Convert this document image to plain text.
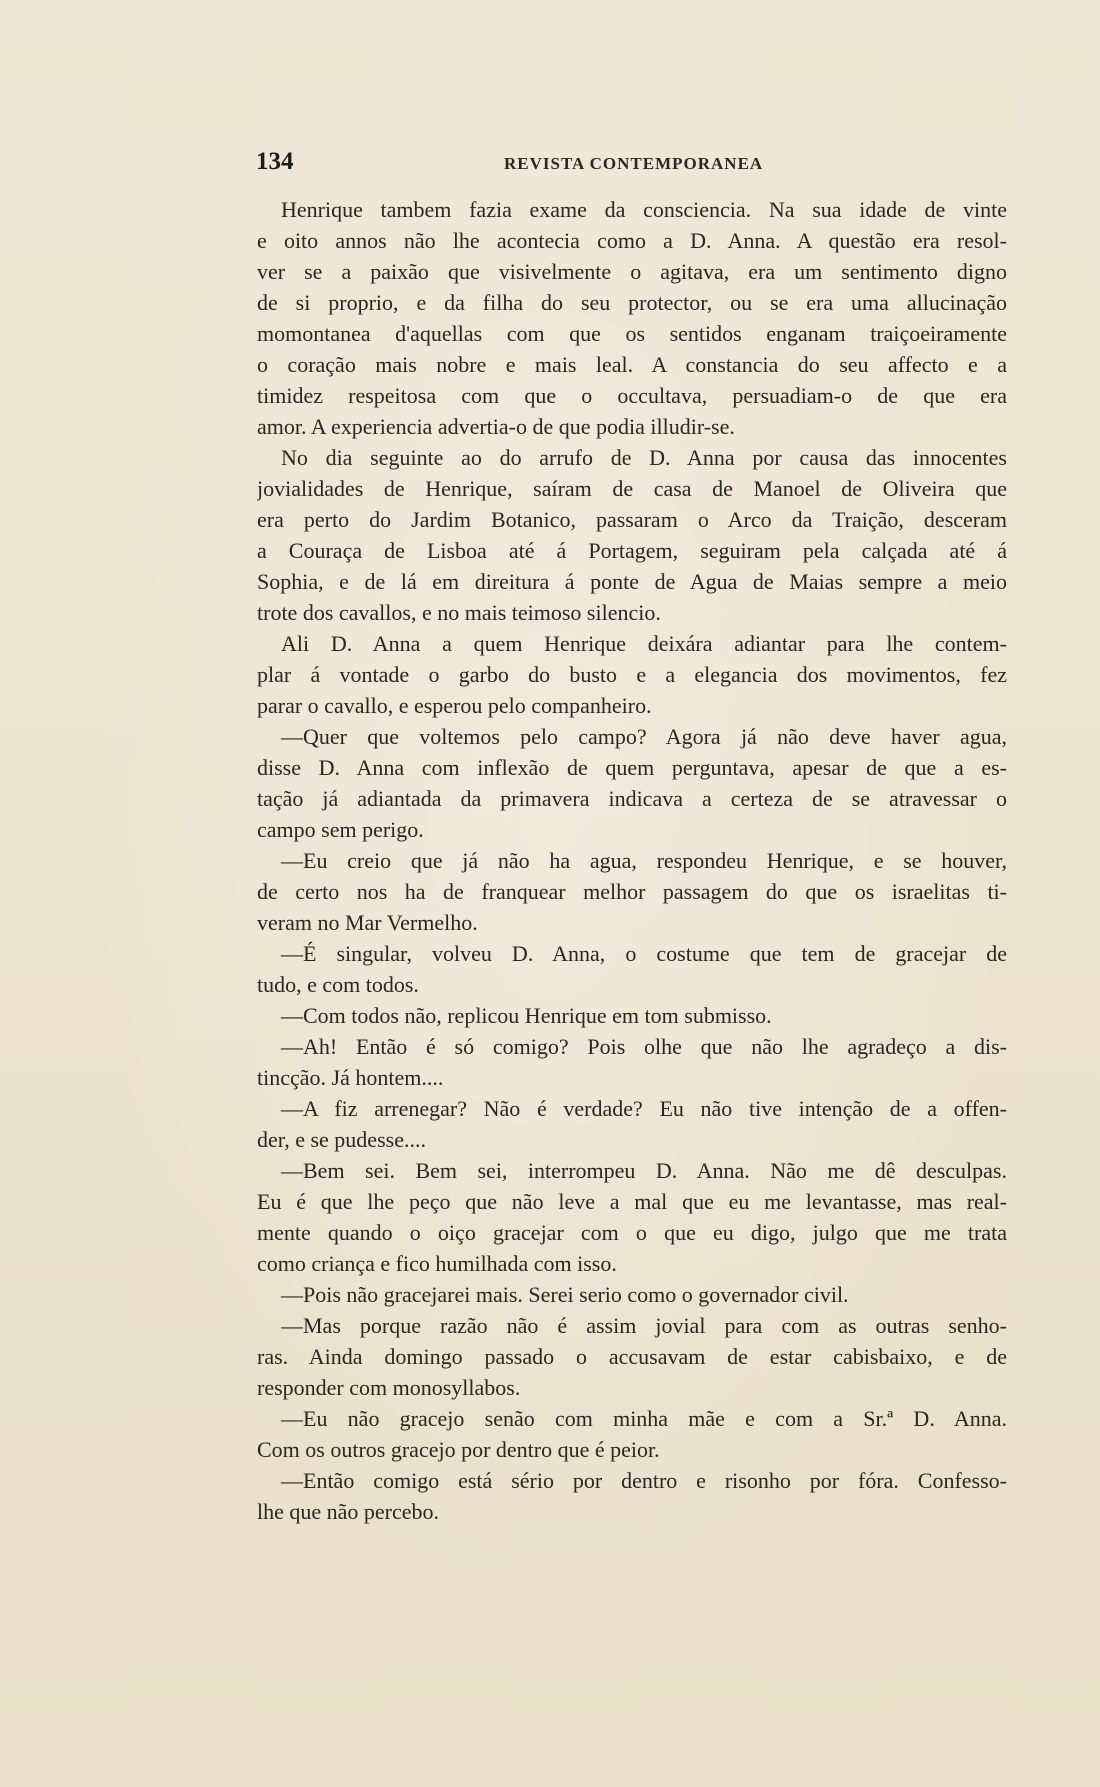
134	REVISTA CONTEMPORANEA
Henrique tambem fazia exame da consciencia. Na sua idade de vinte
e oito annos não lhe acontecia como a D. Anna. A questão era resol-
ver se a paixão que visivelmente o agitava, era um sentimento digno
de si proprio, e da filha do seu protector, ou se era uma allucinação
momontanea d'aquellas com que os sentidos enganam traiçoeiramente
o coração mais nobre e mais leal. A constancia do seu affecto e a
timidez respeitosa com que o occultava, persuadiam-o de que era
amor. A experiencia advertia-o de que podia illudir-se.
No dia seguinte ao do arrufo de D. Anna por causa das innocentes
jovialidades de Henrique, saíram de casa de Manoel de Oliveira que
era perto do Jardim Botanico, passaram o Arco da Traição, desceram
a Couraça de Lisboa até á Portagem, seguiram pela calçada até á
Sophia, e de lá em direitura á ponte de Agua de Maias sempre a meio
trote dos cavallos, e no mais teimoso silencio.
Ali D. Anna a quem Henrique deixára adiantar para lhe contem-
plar á vontade o garbo do busto e a elegancia dos movimentos, fez
parar o cavallo, e esperou pelo companheiro.
—Quer que voltemos pelo campo? Agora já não deve haver agua,
disse D. Anna com inflexão de quem perguntava, apesar de que a es-
tação já adiantada da primavera indicava a certeza de se atravessar o
campo sem perigo.
—Eu creio que já não ha agua, respondeu Henrique, e se houver,
de certo nos ha de franquear melhor passagem do que os israelitas ti-
veram no Mar Vermelho.
—É singular, volveu D. Anna, o costume que tem de gracejar de
tudo, e com todos.
—Com todos não, replicou Henrique em tom submisso.
—Ah! Então é só comigo? Pois olhe que não lhe agradeço a dis-
tincção. Já hontem....
—A fiz arrenegar? Não é verdade? Eu não tive intenção de a offen-
der, e se pudesse....
—Bem sei. Bem sei, interrompeu D. Anna. Não me dê desculpas.
Eu é que lhe peço que não leve a mal que eu me levantasse, mas real-
mente quando o oiço gracejar com o que eu digo, julgo que me trata
como criança e fico humilhada com isso.
—Pois não gracejarei mais. Serei serio como o governador civil.
—Mas porque razão não é assim jovial para com as outras senho-
ras. Ainda domingo passado o accusavam de estar cabisbaixo, e de
responder com monosyllabos.
—Eu não gracejo senão com minha mãe e com a Sr.ª D. Anna.
Com os outros gracejo por dentro que é peior.
—Então comigo está sério por dentro e risonho por fóra. Confesso-
lhe que não percebo.
